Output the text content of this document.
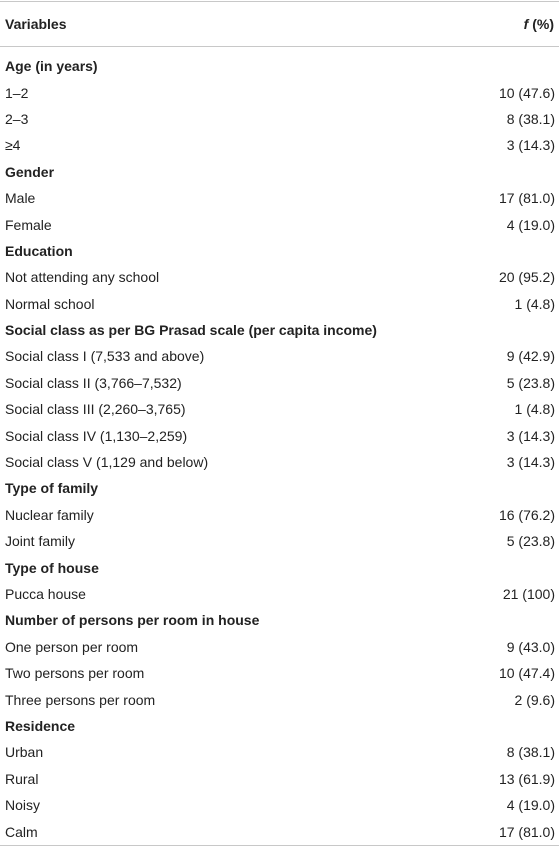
Variables	f (%)
Age (in years)
1–2	10 (47.6)
2–3	8 (38.1)
≥4	3 (14.3)
Gender
Male	17 (81.0)
Female	4 (19.0)
Education
Not attending any school	20 (95.2)
Normal school	1 (4.8)
Social class as per BG Prasad scale (per capita income)
Social class I (7,533 and above)	9 (42.9)
Social class II (3,766–7,532)	5 (23.8)
Social class III (2,260–3,765)	1 (4.8)
Social class IV (1,130–2,259)	3 (14.3)
Social class V (1,129 and below)	3 (14.3)
Type of family
Nuclear family	16 (76.2)
Joint family	5 (23.8)
Type of house
Pucca house	21 (100)
Number of persons per room in house
One person per room	9 (43.0)
Two persons per room	10 (47.4)
Three persons per room	2 (9.6)
Residence
Urban	8 (38.1)
Rural	13 (61.9)
Noisy	4 (19.0)
Calm	17 (81.0)
